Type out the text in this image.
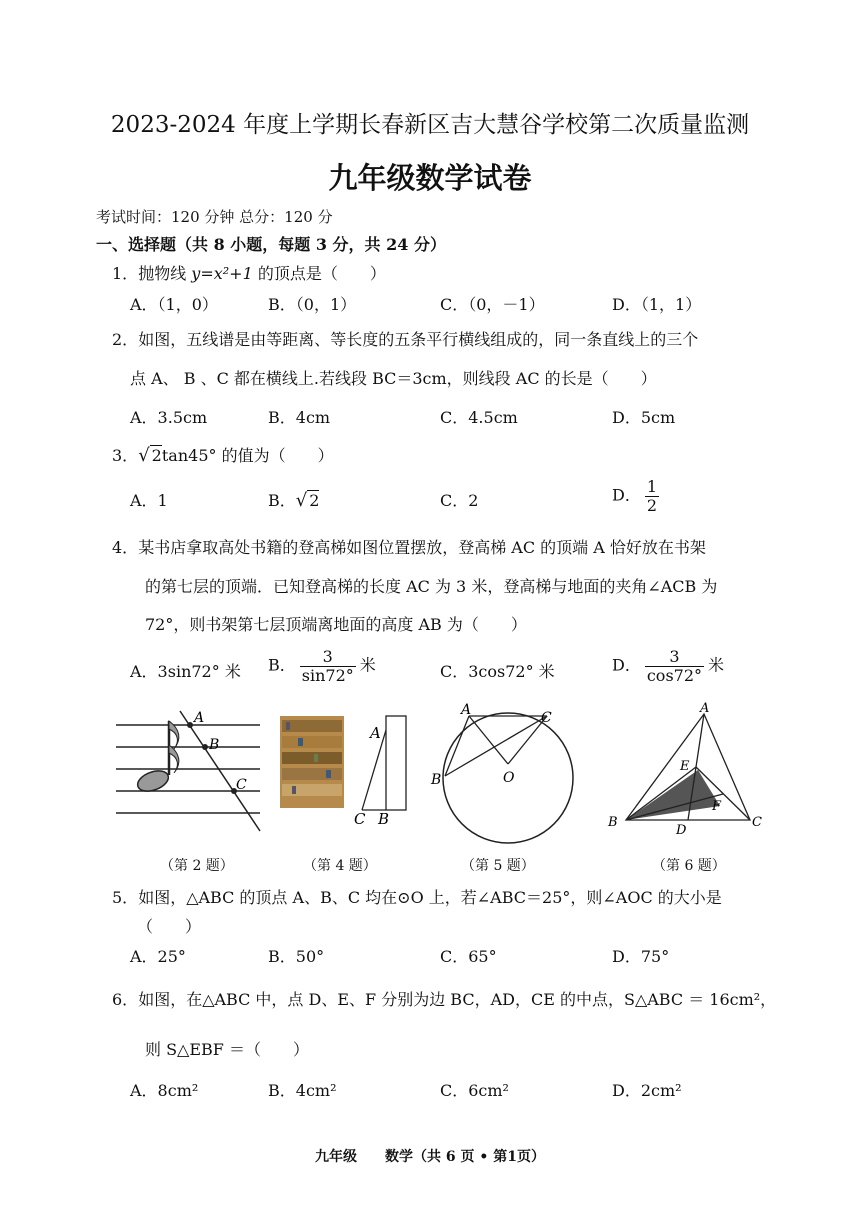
2023-2024 年度上学期长春新区吉大慧谷学校第二次质量监测
九年级数学试卷
考试时间：120 分钟 总分：120 分
一、选择题（共 8 小题，每题 3 分，共 24 分）
1．抛物线 y=x²+1 的顶点是（　　）
A．（1，0）	B．（0，1）	C．（0，－1）	D．（1，1）
2．如图，五线谱是由等距离、等长度的五条平行横线组成的，同一条直线上的三个
点 A、 B 、C 都在横线上.若线段 BC＝3cm，则线段 AC 的长是（　　）
A．3.5cm	B．4cm	C．4.5cm	D．5cm
3．√ 2tan45° 的值为（　　）
A．1	B．√ 2	C．2	D． $\frac{1}{2}$
4．某书店拿取高处书籍的登高梯如图位置摆放，登高梯 AC 的顶端 A 恰好放在书架
的第七层的顶端．已知登高梯的长度 AC 为 3 米，登高梯与地面的夹角∠ACB 为
72°，则书架第七层顶端离地面的高度 AB 为（　　）
A．3sin72° 米 B． $\frac{3}{\sin 72^\circ}$ 米	C．3cos72° 米	D． $\frac{3}{\cos 72^\circ}$ 米
A
B
C
A
C B
A	C
B	O
A
E
F
B
D
C
（第 2 题）	（第 4 题）	（第 5 题）	（第 6 题）
5．如图，△ABC 的顶点 A、B、C 均在⊙O 上，若∠ABC＝25°，则∠AOC 的大小是
（　　）
A．25°	B．50°	C．65°	D．75°
6．如图，在△ABC 中，点 D、E、F 分别为边 BC，AD，CE 的中点，S△ABC ＝ 16cm²，
则 S△EBF ＝（　　）
A．8cm²	B．4cm²	C．6cm²	D．2cm²
九年级　　数学（共 6 页 • 第1页）
